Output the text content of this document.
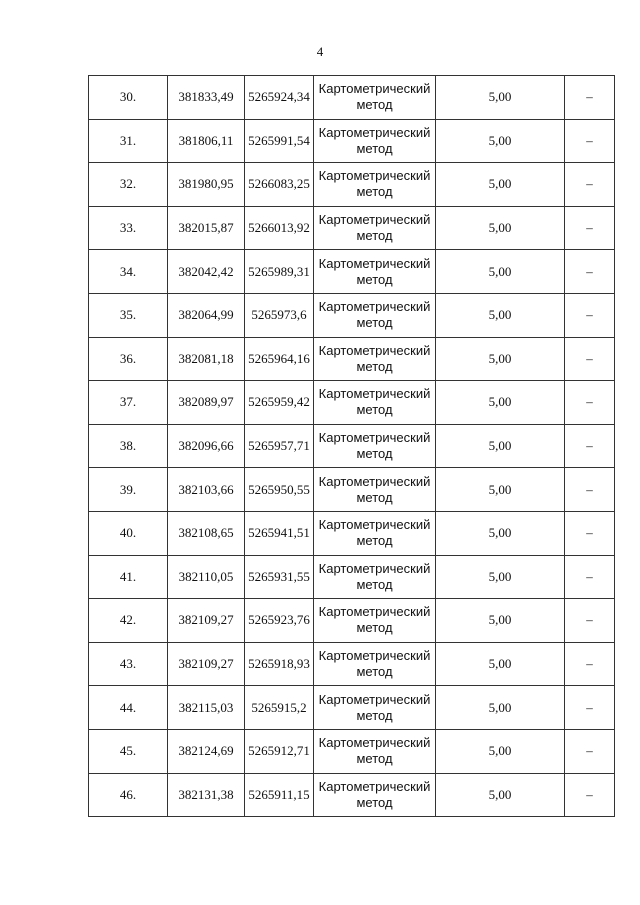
4
30.	381833,49	5265924,34	Картометрический метод	5,00	–
31.	381806,11	5265991,54	Картометрический метод	5,00	–
32.	381980,95	5266083,25	Картометрический метод	5,00	–
33.	382015,87	5266013,92	Картометрический метод	5,00	–
34.	382042,42	5265989,31	Картометрический метод	5,00	–
35.	382064,99	5265973,6	Картометрический метод	5,00	–
36.	382081,18	5265964,16	Картометрический метод	5,00	–
37.	382089,97	5265959,42	Картометрический метод	5,00	–
38.	382096,66	5265957,71	Картометрический метод	5,00	–
39.	382103,66	5265950,55	Картометрический метод	5,00	–
40.	382108,65	5265941,51	Картометрический метод	5,00	–
41.	382110,05	5265931,55	Картометрический метод	5,00	–
42.	382109,27	5265923,76	Картометрический метод	5,00	–
43.	382109,27	5265918,93	Картометрический метод	5,00	–
44.	382115,03	5265915,2	Картометрический метод	5,00	–
45.	382124,69	5265912,71	Картометрический метод	5,00	–
46.	382131,38	5265911,15	Картометрический метод	5,00	–
